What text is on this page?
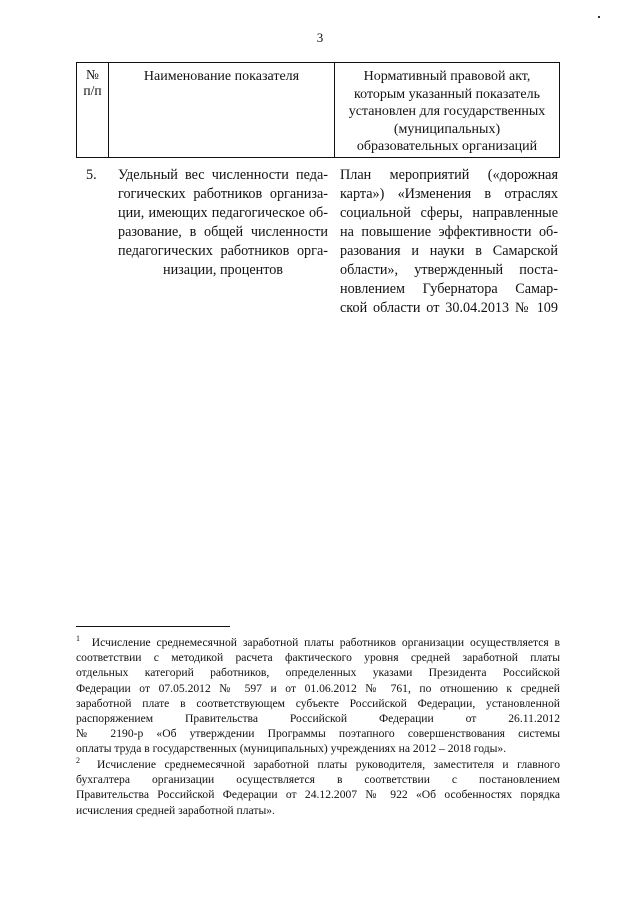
3
№
п/п
Наименование показателя	Нормативный правовой акт,
которым указанный показатель
установлен для государственных
(муниципальных)
образовательных организаций
5.	Удельный вес численности педа-
гогических работников организа-
ции, имеющих педагогическое об-
разование, в общей численности
педагогических работников орга-
низации, процентов
План мероприятий («дорожная
карта») «Изменения в отраслях
социальной сферы, направленные
на повышение эффективности об-
разования и науки в Самарской
области», утвержденный поста-
новлением Губернатора Самар-
ской области от 30.04.2013 № 109
$^1$ Исчисление среднемесячной заработной платы работников организации осуществляется в
соответствии с методикой расчета фактического уровня средней заработной платы
отдельных категорий работников, определенных указами Президента Российской
Федерации от 07.05.2012 № 597 и от 01.06.2012 № 761, по отношению к средней
заработной плате в соответствующем субъекте Российской Федерации, установленной
распоряжением Правительства Российской Федерации от 26.11.2012
№ 2190-р «Об утверждении Программы поэтапного совершенствования системы
оплаты труда в государственных (муниципальных) учреждениях на 2012 – 2018 годы».
$^2$ Исчисление среднемесячной заработной платы руководителя, заместителя и главного
бухгалтера организации осуществляется в соответствии с постановлением
Правительства Российской Федерации от 24.12.2007 № 922 «Об особенностях порядка
исчисления средней заработной платы».
